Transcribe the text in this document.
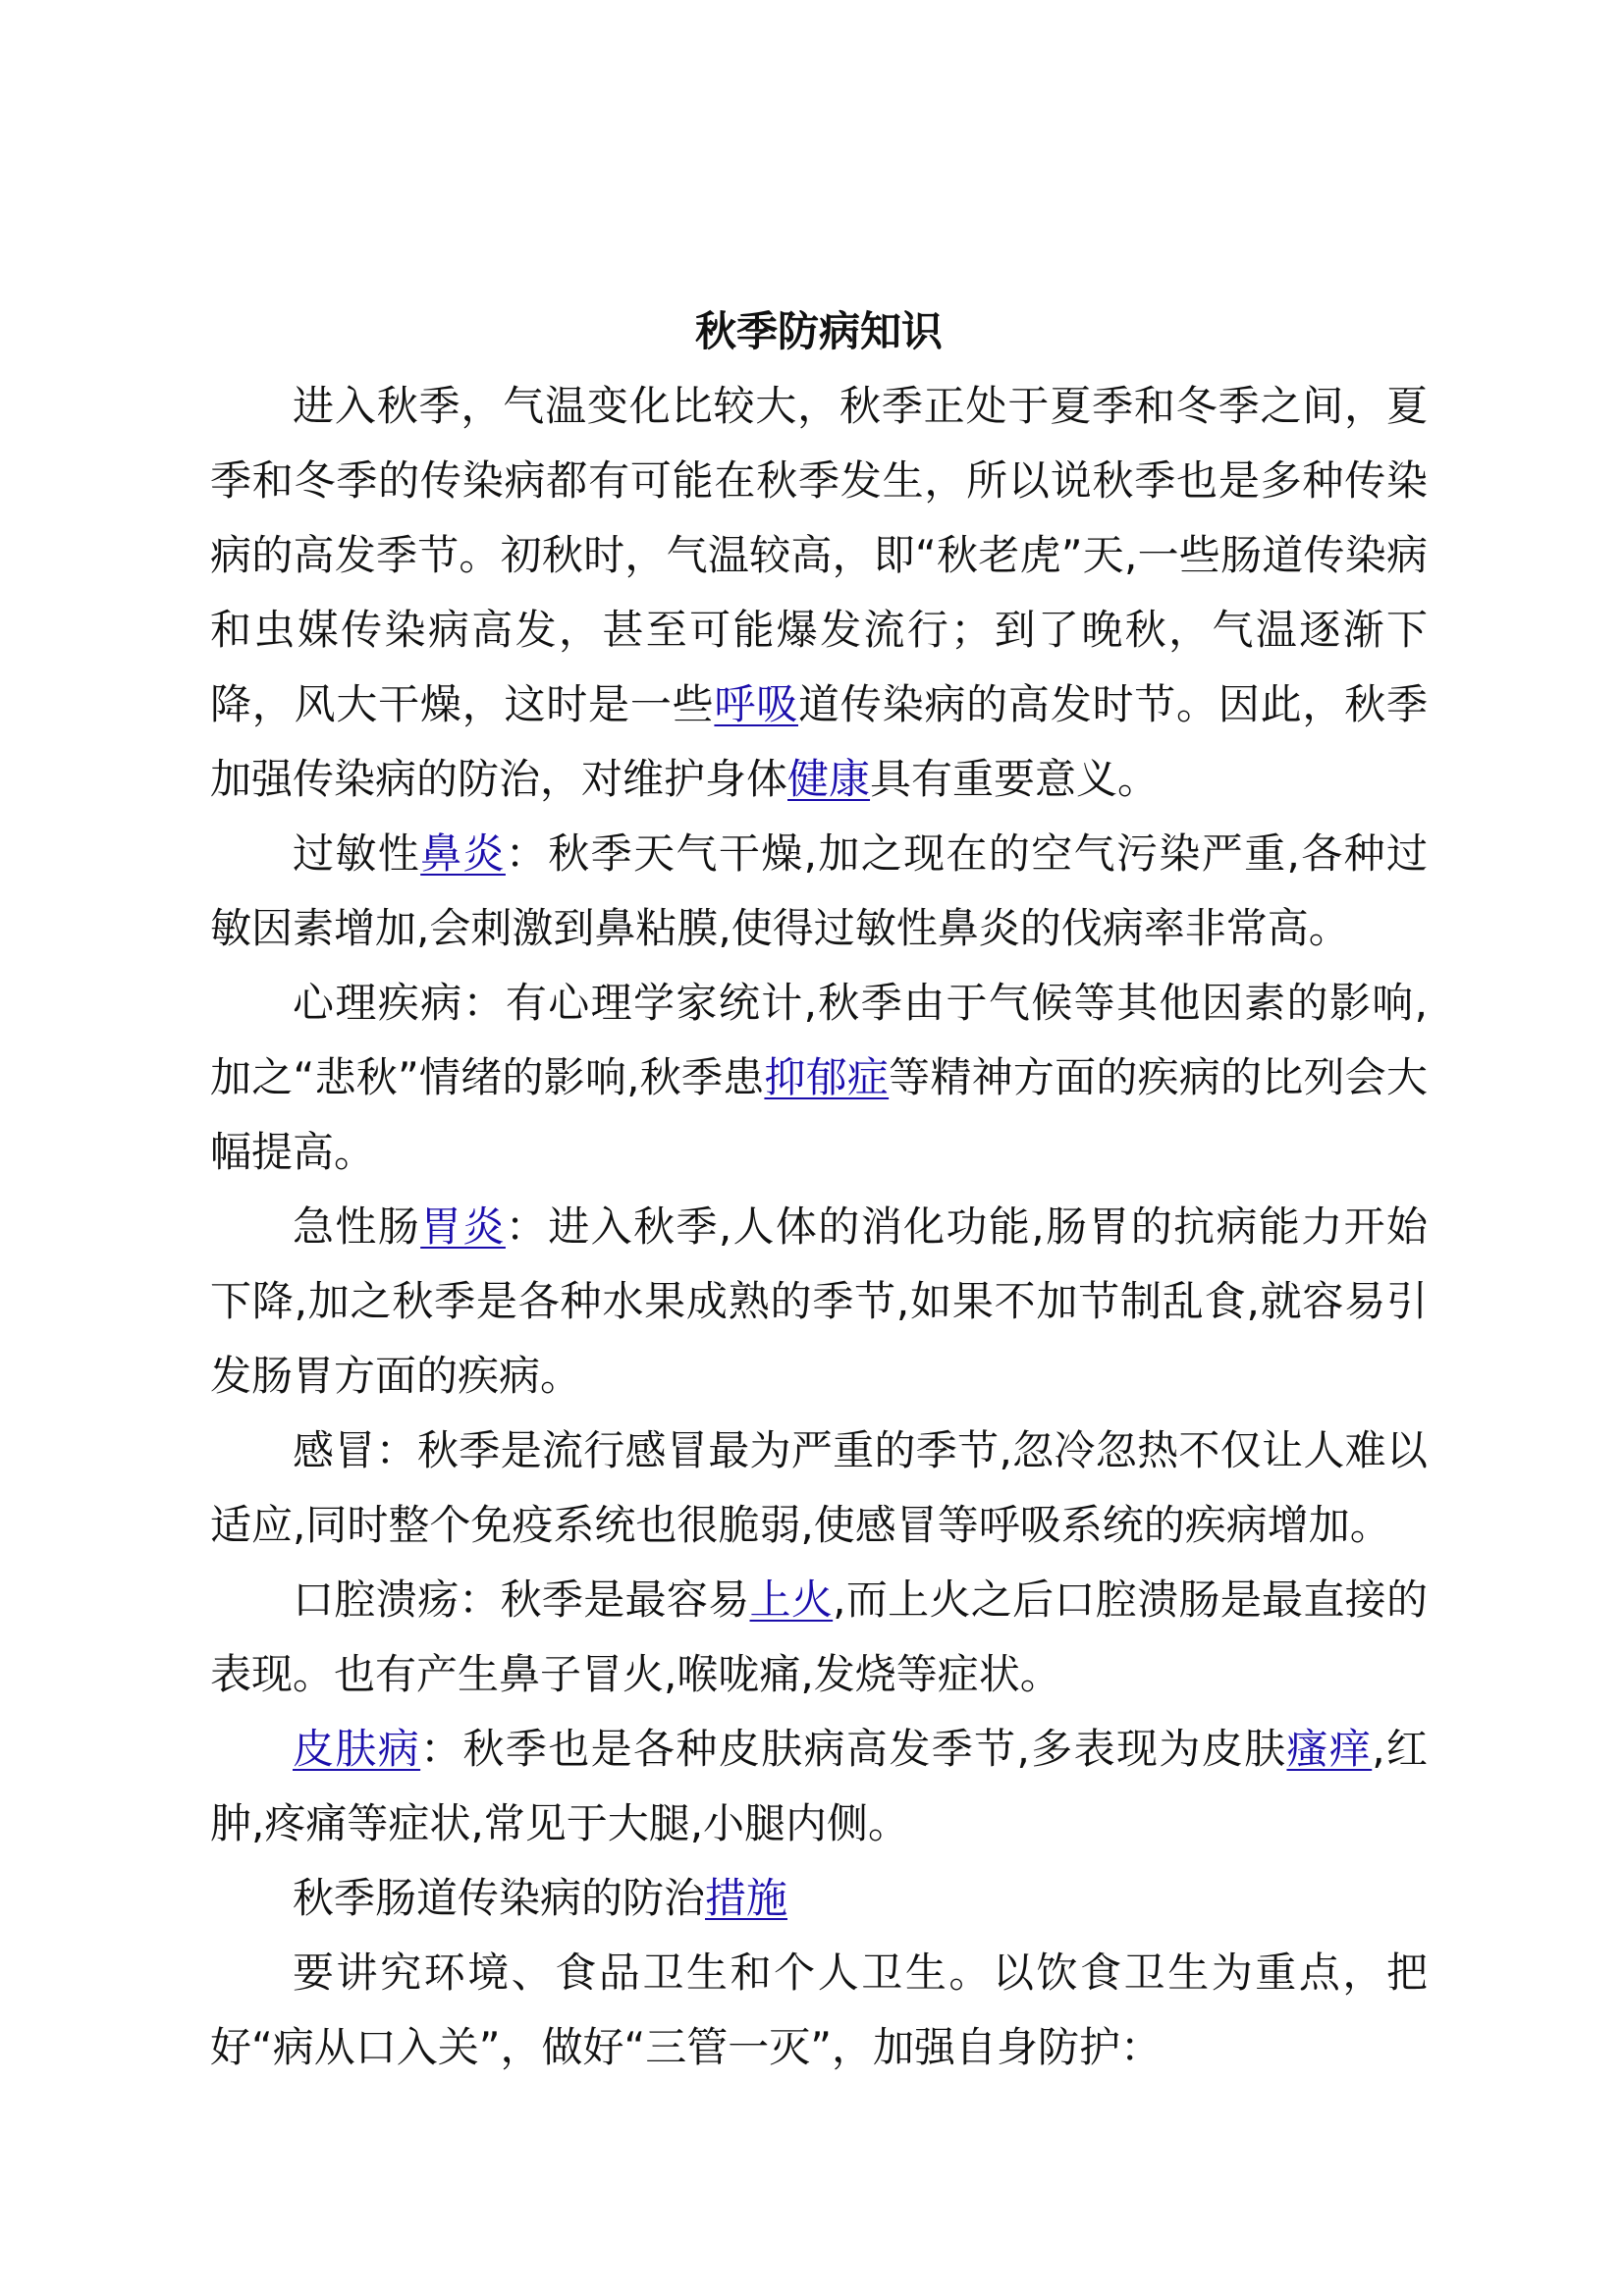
秋季防病知识

进入秋季，气温变化比较大，秋季正处于夏季和冬季之间，夏季和冬季的传染病都有可能在秋季发生，所以说秋季也是多种传染病的高发季节。初秋时，气温较高，即“秋老虎”天,一些肠道传染病和虫媒传染病高发，甚至可能爆发流行；到了晚秋，气温逐渐下降，风大干燥，这时是一些呼吸道传染病的高发时节。因此，秋季加强传染病的防治，对维护身体健康具有重要意义。

过敏性鼻炎：秋季天气干燥,加之现在的空气污染严重,各种过敏因素增加,会刺激到鼻粘膜,使得过敏性鼻炎的伐病率非常高。

心理疾病：有心理学家统计,秋季由于气候等其他因素的影响,加之“悲秋”情绪的影响,秋季患抑郁症等精神方面的疾病的比列会大幅提高。

急性肠胃炎：进入秋季,人体的消化功能,肠胃的抗病能力开始下降,加之秋季是各种水果成熟的季节,如果不加节制乱食,就容易引发肠胃方面的疾病。

感冒：秋季是流行感冒最为严重的季节,忽冷忽热不仅让人难以适应,同时整个免疫系统也很脆弱,使感冒等呼吸系统的疾病增加。

口腔溃疡：秋季是最容易上火,而上火之后口腔溃肠是最直接的表现。也有产生鼻子冒火,喉咙痛,发烧等症状。

皮肤病：秋季也是各种皮肤病高发季节,多表现为皮肤瘙痒,红肿,疼痛等症状,常见于大腿,小腿内侧。

秋季肠道传染病的防治措施

要讲究环境、食品卫生和个人卫生。以饮食卫生为重点，把好“病从口入关”，做好“三管一灭”，加强自身防护：
